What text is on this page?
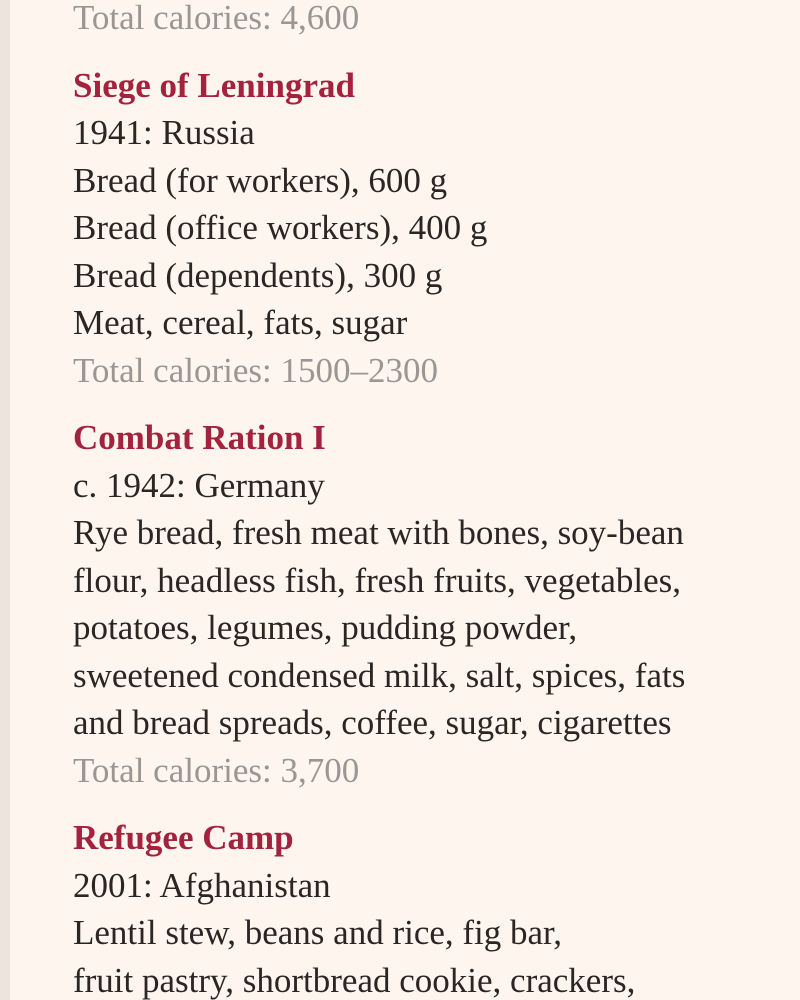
Total calories: 4,600

Siege of Leningrad

1941: Russia

Bread (for workers), 600 g

Bread (office workers), 400 g

Bread (dependents), 300 g

Meat, cereal, fats, sugar

Total calories: 1500–2300

Combat Ration I

c. 1942: Germany

Rye bread, fresh meat with bones, soy-bean

flour, headless fish, fresh fruits, vegetables,

potatoes, legumes, pudding powder,

sweetened condensed milk, salt, spices, fats

and bread spreads, coffee, sugar, cigarettes

Total calories: 3,700

Refugee Camp

2001: Afghanistan

Lentil stew, beans and rice, fig bar,

fruit pastry, shortbread cookie, crackers,
